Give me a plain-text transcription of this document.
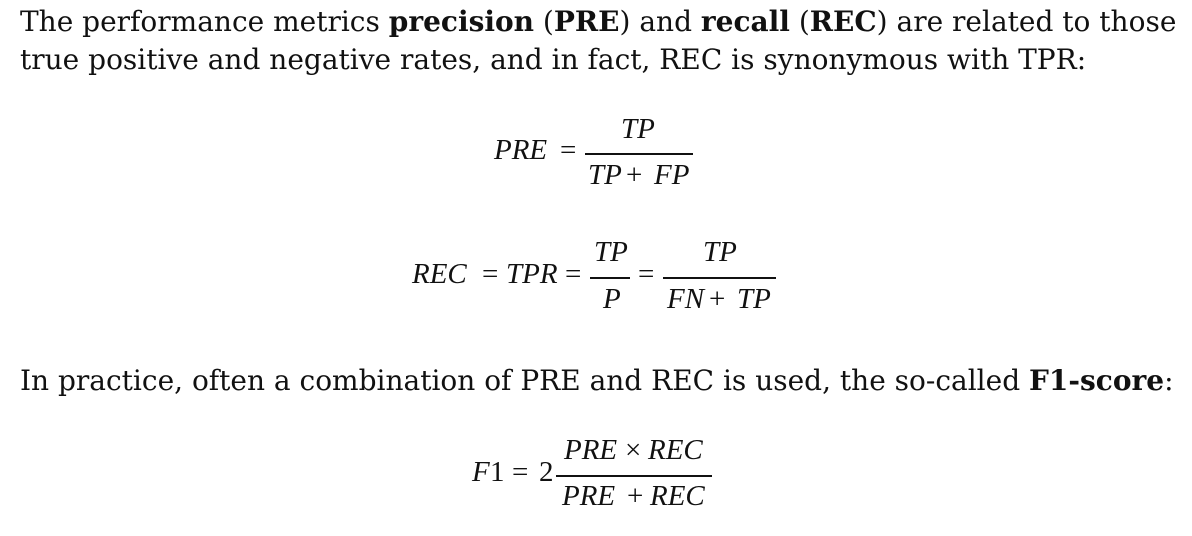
The performance metrics precision (PRE) and recall (REC) are related to those true positive and negative rates, and in fact, REC is synonymous with TPR:

PRE =
TP
TP + FP
REC = TPR =
TP
P
=
TP
FN + TP

In practice, often a combination of PRE and REC is used, the so-called F1-score:

F 1 = 2
PRE × REC
PRE + REC
